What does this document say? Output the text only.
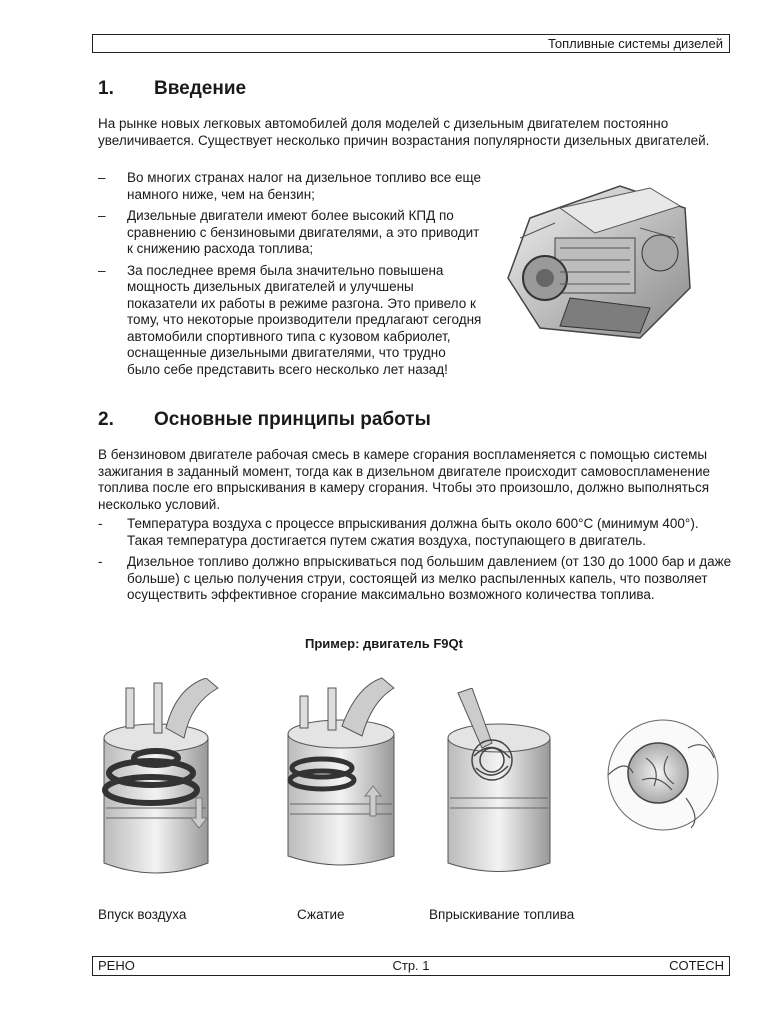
Топливные системы дизелей
1. Введение

На рынке новых легковых автомобилей доля моделей с дизельным двигателем постоянно увеличивается. Существует несколько причин возрастания популярности дизельных двигателей.

– Во многих странах налог на дизельное топливо все еще намного ниже, чем на бензин;
– Дизельные двигатели имеют более высокий КПД по сравнению с бензиновыми двигателями, а это приводит к снижению расхода топлива;
– За последнее время была значительно повышена мощность дизельных двигателей и улучшены показатели их работы в режиме разгона. Это привело к тому, что некоторые производители предлагают сегодня автомобили спортивного типа с кузовом кабриолет, оснащенные дизельными двигателями, что трудно было себе представить всего несколько лет назад!
2. Основные принципы работы

В бензиновом двигателе рабочая смесь в камере сгорания воспламеняется с помощью системы зажигания в заданный момент, тогда как в дизельном двигателе происходит самовоспламенение топлива после его впрыскивания в камеру сгорания. Чтобы это произошло, должно выполняться несколько условий.

- Температура воздуха с процессе впрыскивания должна быть около 600°С (минимум 400°). Такая температура достигается путем сжатия воздуха, поступающего в двигатель.
- Дизельное топливо должно впрыскиваться под большим давлением (от 130 до 1000 бар и даже больше) с целью получения струи, состоящей из мелко распыленных капель, что позволяет осуществить эффективное сгорание максимально возможного количества топлива.
Пример: двигатель F9Qt
Впуск воздуха	Сжатие	Впрыскивание топлива
РЕНО	Стр. 1	COTECH
